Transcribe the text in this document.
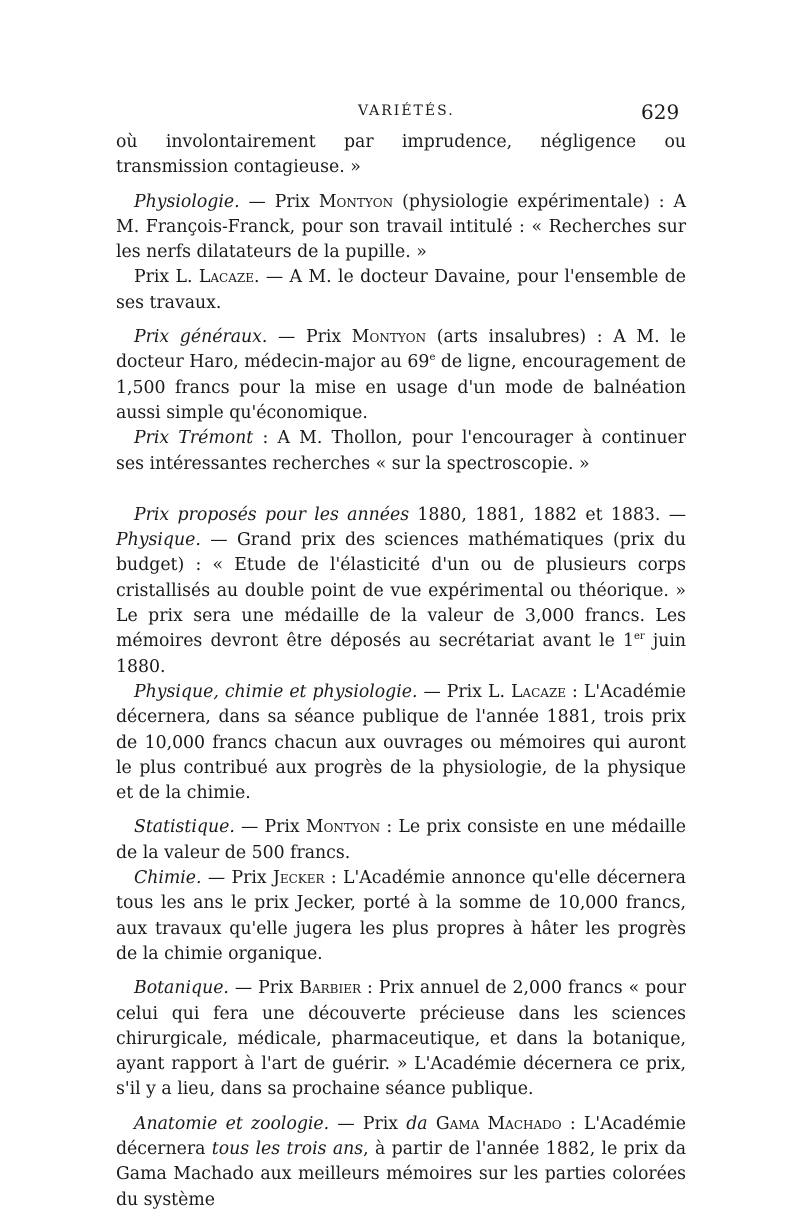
VARIÉTÉS.	629

où involontairement par imprudence, négligence ou transmission contagieuse. »

Physiologie. — Prix Montyon (physiologie expérimentale) : A M. François-Franck, pour son travail intitulé : « Recherches sur les nerfs dilatateurs de la pupille. »

Prix L. Lacaze. — A M. le docteur Davaine, pour l'ensemble de ses travaux.

Prix généraux. — Prix Montyon (arts insalubres) : A M. le docteur Haro, médecin-major au 69e de ligne, encouragement de 1,500 francs pour la mise en usage d'un mode de balnéation aussi simple qu'économique.

Prix Trémont : A M. Thollon, pour l'encourager à continuer ses intéressantes recherches « sur la spectroscopie. »

Prix proposés pour les années 1880, 1881, 1882 et 1883. — Physique. — Grand prix des sciences mathématiques (prix du budget) : « Etude de l'élasticité d'un ou de plusieurs corps cristallisés au double point de vue expérimental ou théorique. » Le prix sera une médaille de la valeur de 3,000 francs. Les mémoires devront être déposés au secrétariat avant le 1er juin 1880.

Physique, chimie et physiologie. — Prix L. Lacaze : L'Académie décernera, dans sa séance publique de l'année 1881, trois prix de 10,000 francs chacun aux ouvrages ou mémoires qui auront le plus contribué aux progrès de la physiologie, de la physique et de la chimie.

Statistique. — Prix Montyon : Le prix consiste en une médaille de la valeur de 500 francs.

Chimie. — Prix Jecker : L'Académie annonce qu'elle décernera tous les ans le prix Jecker, porté à la somme de 10,000 francs, aux travaux qu'elle jugera les plus propres à hâter les progrès de la chimie organique.

Botanique. — Prix Barbier : Prix annuel de 2,000 francs « pour celui qui fera une découverte précieuse dans les sciences chirurgicale, médicale, pharmaceutique, et dans la botanique, ayant rapport à l'art de guérir. » L'Académie décernera ce prix, s'il y a lieu, dans sa prochaine séance publique.

Anatomie et zoologie. — Prix da Gama Machado : L'Académie décernera tous les trois ans, à partir de l'année 1882, le prix da Gama Machado aux meilleurs mémoires sur les parties colorées du système
